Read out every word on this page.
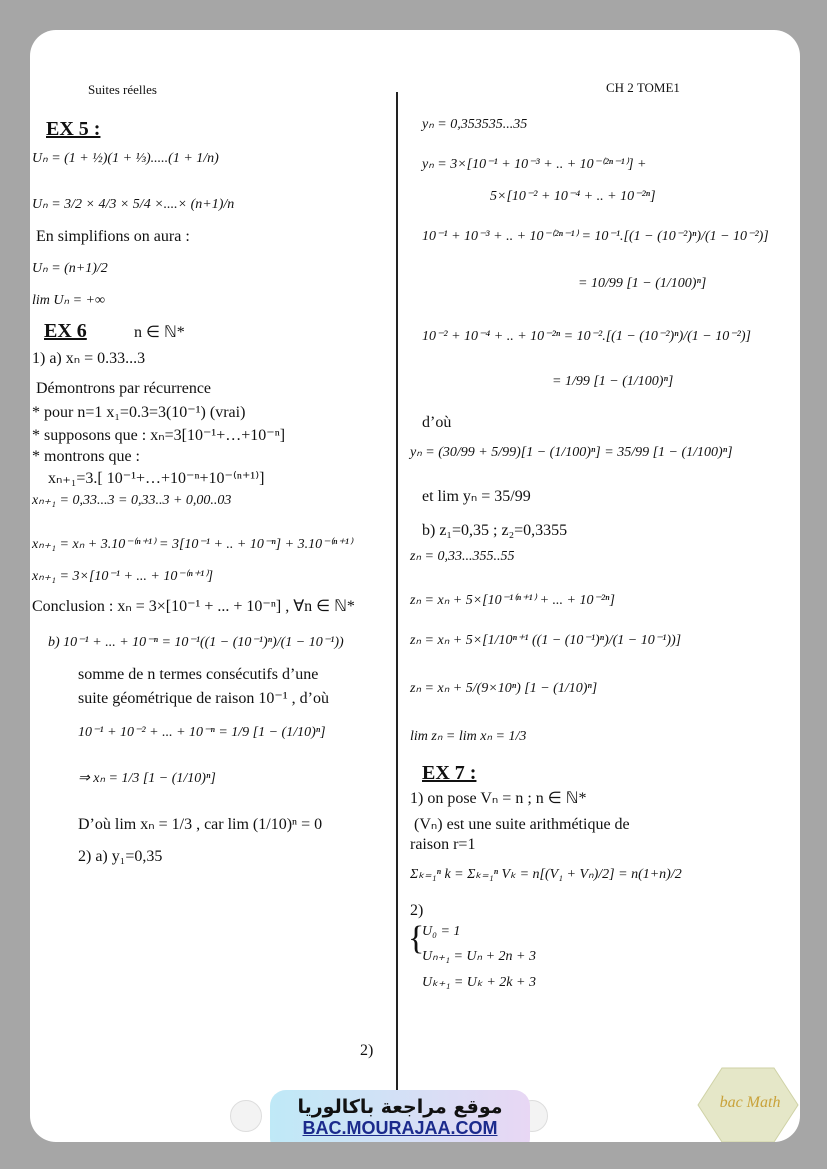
Suites réelles	CH 2 TOME1
EX 5 :
Uₙ = (1 + ½)(1 + ⅓).....(1 + 1/n)
Uₙ = 3/2 × 4/3 × 5/4 ×....× (n+1)/n
En simplifions on aura :
Uₙ = (n+1)/2
lim Uₙ = +∞
EX 6	n ∈ ℕ*
1) a) xₙ = 0.33...3
Démontrons par récurrence
* pour n=1 x₁=0.3=3(10⁻¹) (vrai)
* supposons que : xₙ=3[10⁻¹+…+10⁻ⁿ]
* montrons que :
xₙ₊₁=3.[ 10⁻¹+…+10⁻ⁿ+10⁻⁽ⁿ⁺¹⁾]
xₙ₊₁ = 0,33...3 = 0,33..3 + 0,00..03
xₙ₊₁ = xₙ + 3.10⁻⁽ⁿ⁺¹⁾ = 3[10⁻¹ + .. + 10⁻ⁿ] + 3.10⁻⁽ⁿ⁺¹⁾
xₙ₊₁ = 3×[10⁻¹ + ... + 10⁻⁽ⁿ⁺¹⁾]
Conclusion : xₙ = 3×[10⁻¹ + ... + 10⁻ⁿ] , ∀n ∈ ℕ*
b) 10⁻¹ + ... + 10⁻ⁿ = 10⁻¹((1 − (10⁻¹)ⁿ)/(1 − 10⁻¹))
somme de n termes consécutifs d’une
suite géométrique de raison 10⁻¹ , d’où
10⁻¹ + 10⁻² + ... + 10⁻ⁿ = 1/9 [1 − (1/10)ⁿ]
⇒ xₙ = 1/3 [1 − (1/10)ⁿ]
D’où lim xₙ = 1/3 , car lim (1/10)ⁿ = 0
2) a) y₁=0,35
2)
yₙ = 0,353535...35
yₙ = 3×[10⁻¹ + 10⁻³ + .. + 10⁻⁽²ⁿ⁻¹⁾] +
5×[10⁻² + 10⁻⁴ + .. + 10⁻²ⁿ]
10⁻¹ + 10⁻³ + .. + 10⁻⁽²ⁿ⁻¹⁾ = 10⁻¹.[(1 − (10⁻²)ⁿ)/(1 − 10⁻²)]
= 10/99 [1 − (1/100)ⁿ]
10⁻² + 10⁻⁴ + .. + 10⁻²ⁿ = 10⁻².[(1 − (10⁻²)ⁿ)/(1 − 10⁻²)]
= 1/99 [1 − (1/100)ⁿ]
d’où
yₙ = (30/99 + 5/99)[1 − (1/100)ⁿ] = 35/99 [1 − (1/100)ⁿ]
et lim yₙ = 35/99
b) z₁=0,35 ; z₂=0,3355
zₙ = 0,33...355..55
zₙ = xₙ + 5×[10⁻¹⁽ⁿ⁺¹⁾ + ... + 10⁻²ⁿ]
zₙ = xₙ + 5×[1/10ⁿ⁺¹ ((1 − (10⁻¹)ⁿ)/(1 − 10⁻¹))]
zₙ = xₙ + 5/(9×10ⁿ) [1 − (1/10)ⁿ]
lim zₙ = lim xₙ = 1/3
EX 7 :
1) on pose Vₙ = n ; n ∈ ℕ*
(Vₙ) est une suite arithmétique de
raison r=1
Σₖ₌₁ⁿ k = Σₖ₌₁ⁿ Vₖ = n[(V₁ + Vₙ)/2] = n(1+n)/2
2)
{
U₀ = 1
Uₙ₊₁ = Uₙ + 2n + 3
Uₖ₊₁ = Uₖ + 2k + 3
موقع مراجعة باكالوريا
BAC.MOURAJAA.COM
bac Math
